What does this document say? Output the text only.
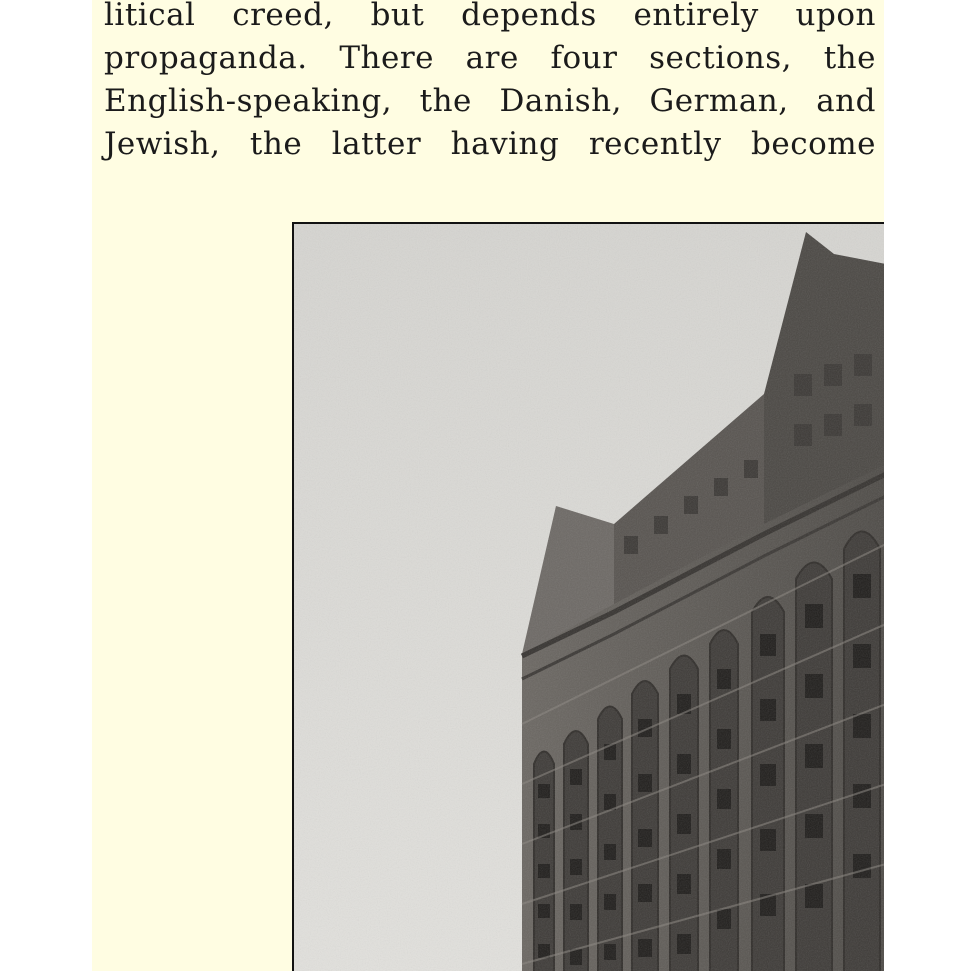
litical creed, but depends entirely upon
propaganda. There are four sections, the
English-speaking, the Danish, German, and
Jewish, the latter having recently become
